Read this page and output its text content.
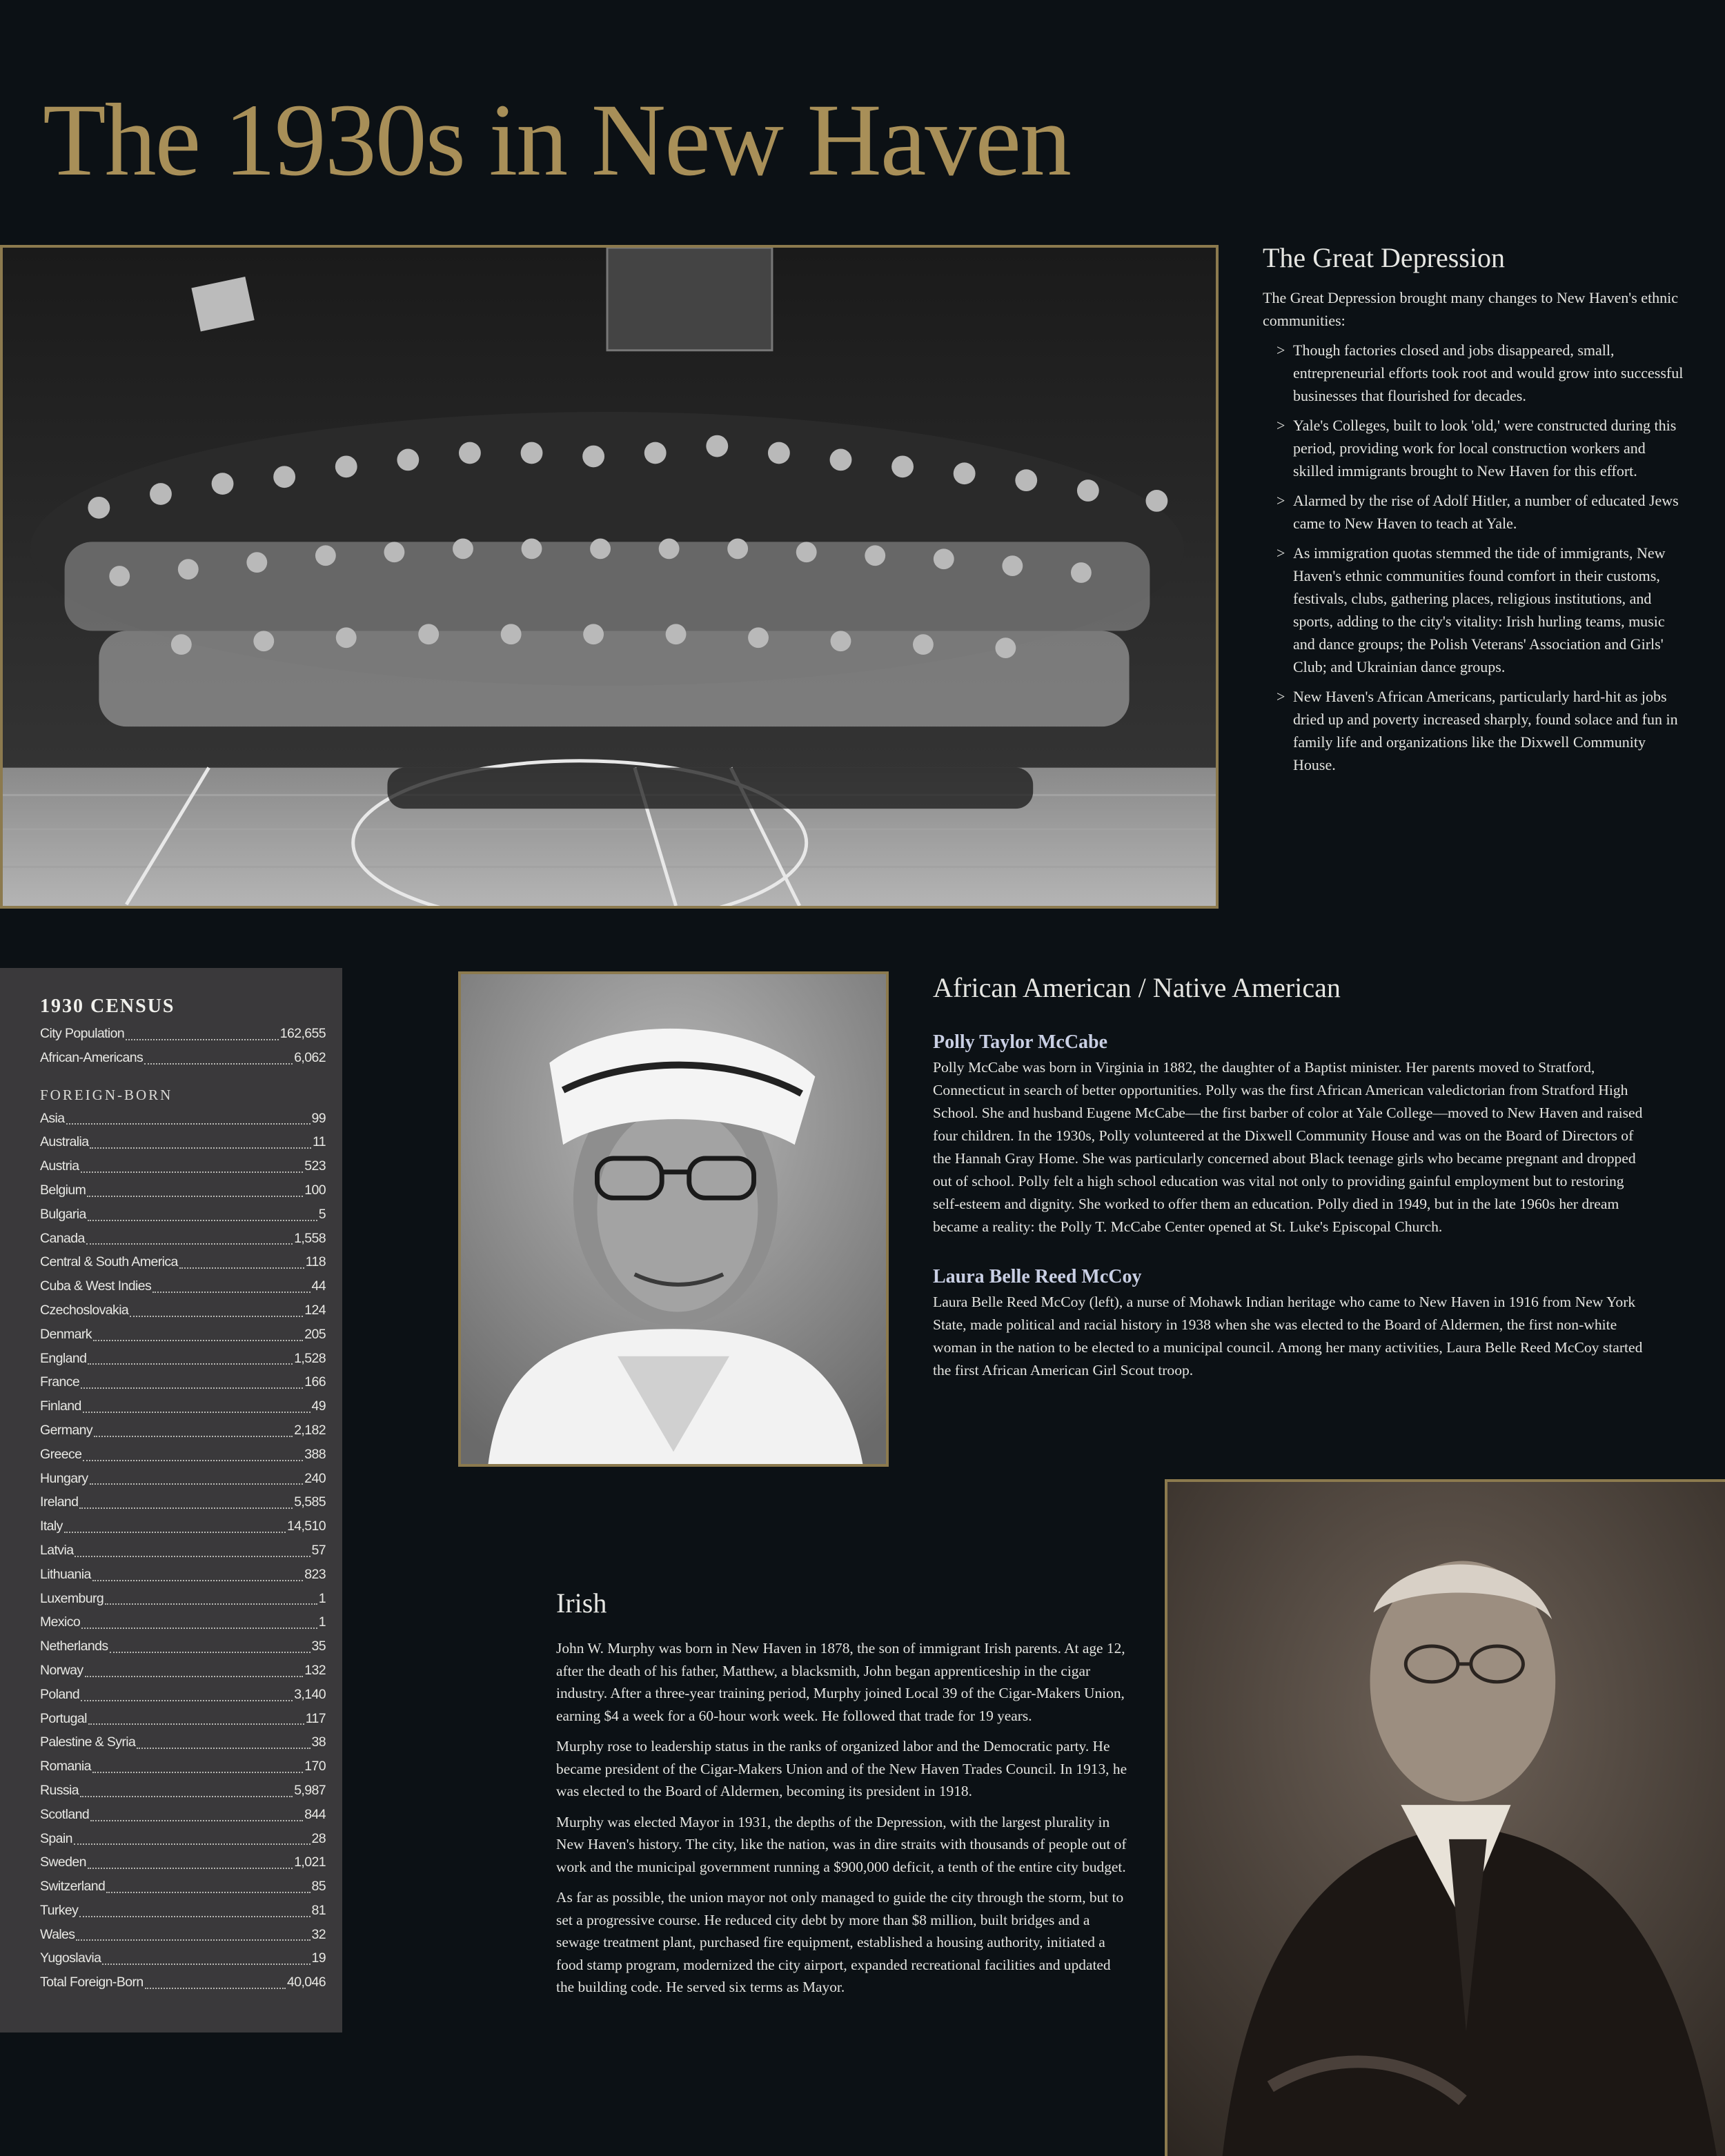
The 1930s in New Haven
The Great Depression

The Great Depression brought many changes to New Haven's ethnic communities:

> Though factories closed and jobs disappeared, small, entrepreneurial efforts took root and would grow into successful businesses that flourished for decades.
> Yale's Colleges, built to look 'old,' were constructed during this period, providing work for local construction workers and skilled immigrants brought to New Haven for this effort.
> Alarmed by the rise of Adolf Hitler, a number of educated Jews came to New Haven to teach at Yale.
> As immigration quotas stemmed the tide of immigrants, New Haven's ethnic communities found comfort in their customs, festivals, clubs, gathering places, religious institutions, and sports, adding to the city's vitality: Irish hurling teams, music and dance groups; the Polish Veterans' Association and Girls' Club; and Ukrainian dance groups.
> New Haven's African Americans, particularly hard-hit as jobs dried up and poverty increased sharply, found solace and fun in family life and organizations like the Dixwell Community House.
1930 CENSUS
City Population	162,655
African-Americans	6,062
FOREIGN-BORN
Asia	99
Australia	11
Austria	523
Belgium	100
Bulgaria	5
Canada	1,558
Central & South America	118
Cuba & West Indies	44
Czechoslovakia	124
Denmark	205
England	1,528
France	166
Finland	49
Germany	2,182
Greece	388
Hungary	240
Ireland	5,585
Italy	14,510
Latvia	57
Lithuania	823
Luxemburg	1
Mexico	1
Netherlands	35
Norway	132
Poland	3,140
Portugal	117
Palestine & Syria	38
Romania	170
Russia	5,987
Scotland	844
Spain	28
Sweden	1,021
Switzerland	85
Turkey	81
Wales	32
Yugoslavia	19
Total Foreign-Born	40,046
African American / Native American
Polly Taylor McCabe

Polly McCabe was born in Virginia in 1882, the daughter of a Baptist minister. Her parents moved to Stratford, Connecticut in search of better opportunities. Polly was the first African American valedictorian from Stratford High School. She and husband Eugene McCabe—the first barber of color at Yale College—moved to New Haven and raised four children. In the 1930s, Polly volunteered at the Dixwell Community House and was on the Board of Directors of the Hannah Gray Home. She was particularly concerned about Black teenage girls who became pregnant and dropped out of school. Polly felt a high school education was vital not only to providing gainful employment but to restoring self-esteem and dignity. She worked to offer them an education. Polly died in 1949, but in the late 1960s her dream became a reality: the Polly T. McCabe Center opened at St. Luke's Episcopal Church.

Laura Belle Reed McCoy

Laura Belle Reed McCoy (left), a nurse of Mohawk Indian heritage who came to New Haven in 1916 from New York State, made political and racial history in 1938 when she was elected to the Board of Aldermen, the first non-white woman in the nation to be elected to a municipal council. Among her many activities, Laura Belle Reed McCoy started the first African American Girl Scout troop.

Irish

John W. Murphy was born in New Haven in 1878, the son of immigrant Irish parents. At age 12, after the death of his father, Matthew, a blacksmith, John began apprenticeship in the cigar industry. After a three-year training period, Murphy joined Local 39 of the Cigar-Makers Union, earning $4 a week for a 60-hour work week. He followed that trade for 19 years.

Murphy rose to leadership status in the ranks of organized labor and the Democratic party. He became president of the Cigar-Makers Union and of the New Haven Trades Council. In 1913, he was elected to the Board of Aldermen, becoming its president in 1918.

Murphy was elected Mayor in 1931, the depths of the Depression, with the largest plurality in New Haven's history. The city, like the nation, was in dire straits with thousands of people out of work and the municipal government running a $900,000 deficit, a tenth of the entire city budget.

As far as possible, the union mayor not only managed to guide the city through the storm, but to set a progressive course. He reduced city debt by more than $8 million, built bridges and a sewage treatment plant, purchased fire equipment, established a housing authority, initiated a food stamp program, modernized the city airport, expanded recreational facilities and updated the building code. He served six terms as Mayor.
